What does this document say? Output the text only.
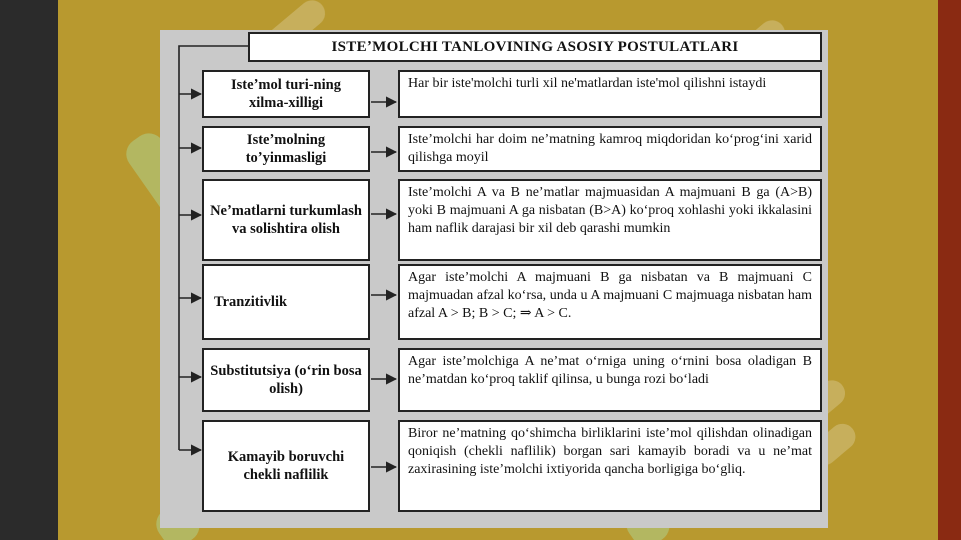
ISTEʼMOLCHI TANLOVINING ASOSIY POSTULATLARI
Isteʼmol turi-ning xilma-xilligi
Har bir iste'molchi turli xil ne'matlardan iste'mol qilishni istaydi
Isteʼmolning toʼyinmasligi
Isteʼmolchi har doim neʼmatning kamroq miqdoridan koʻprogʻini xarid qilishga moyil
Neʼmatlarni turkumlash va solishtira olish
Isteʼmolchi A va B neʼmatlar majmuasidan A majmuani B ga (A>B) yoki B majmuani A ga nisbatan (B>A) koʻproq xohlashi yoki ikkalasini ham naflik darajasi bir xil deb qarashi mumkin
Tranzitivlik
Agar isteʼmolchi A majmuani B ga nisbatan va B majmuani C majmuadan afzal koʻrsa, unda u A majmuani C majmuaga nisbatan ham afzal A > B; B > C; ⇒ A > C.
Substitutsiya (oʻrin bosa olish)
Agar isteʼmolchiga A neʼmat oʻrniga uning oʻrnini bosa oladigan B neʼmatdan koʻproq taklif qilinsa, u bunga rozi boʻladi
Kamayib boruvchi chekli naflilik
Biror neʼmatning qoʻshimcha birliklarini isteʼmol qilishdan olinadigan qoniqish (chekli naflilik) borgan sari kamayib boradi va u neʼmat zaxirasining isteʼmolchi ixtiyorida qancha borligiga boʻgliq.
